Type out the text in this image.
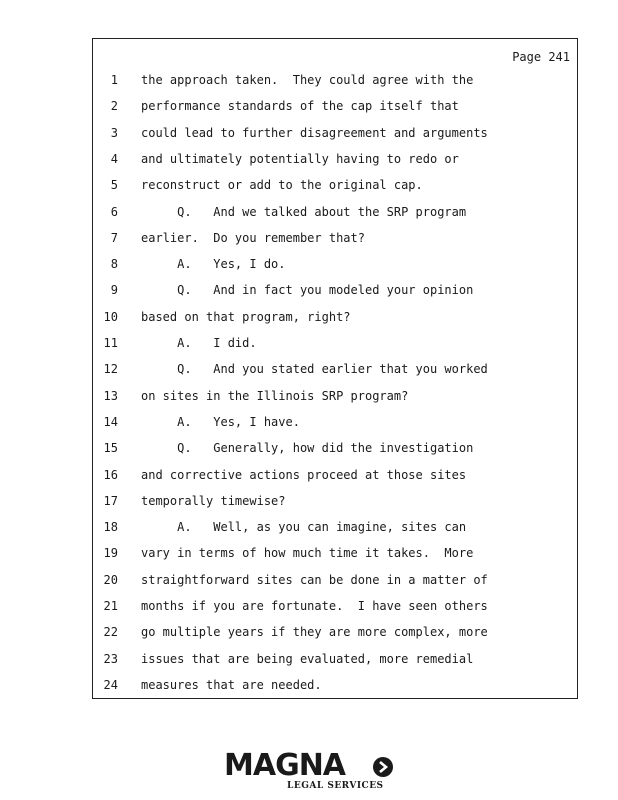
Page 241
1 the approach taken.  They could agree with the
2 performance standards of the cap itself that
3 could lead to further disagreement and arguments
4 and ultimately potentially having to redo or
5 reconstruct or add to the original cap.
6 Q.   And we talked about the SRP program
7 earlier.  Do you remember that?
8 A.   Yes, I do.
9 Q.   And in fact you modeled your opinion
10 based on that program, right?
11 A.   I did.
12 Q.   And you stated earlier that you worked
13 on sites in the Illinois SRP program?
14 A.   Yes, I have.
15 Q.   Generally, how did the investigation
16 and corrective actions proceed at those sites
17 temporally timewise?
18 A.   Well, as you can imagine, sites can
19 vary in terms of how much time it takes.  More
20 straightforward sites can be done in a matter of
21 months if you are fortunate.  I have seen others
22 go multiple years if they are more complex, more
23 issues that are being evaluated, more remedial
24 measures that are needed.
MAGNA
LEGAL SERVICES
